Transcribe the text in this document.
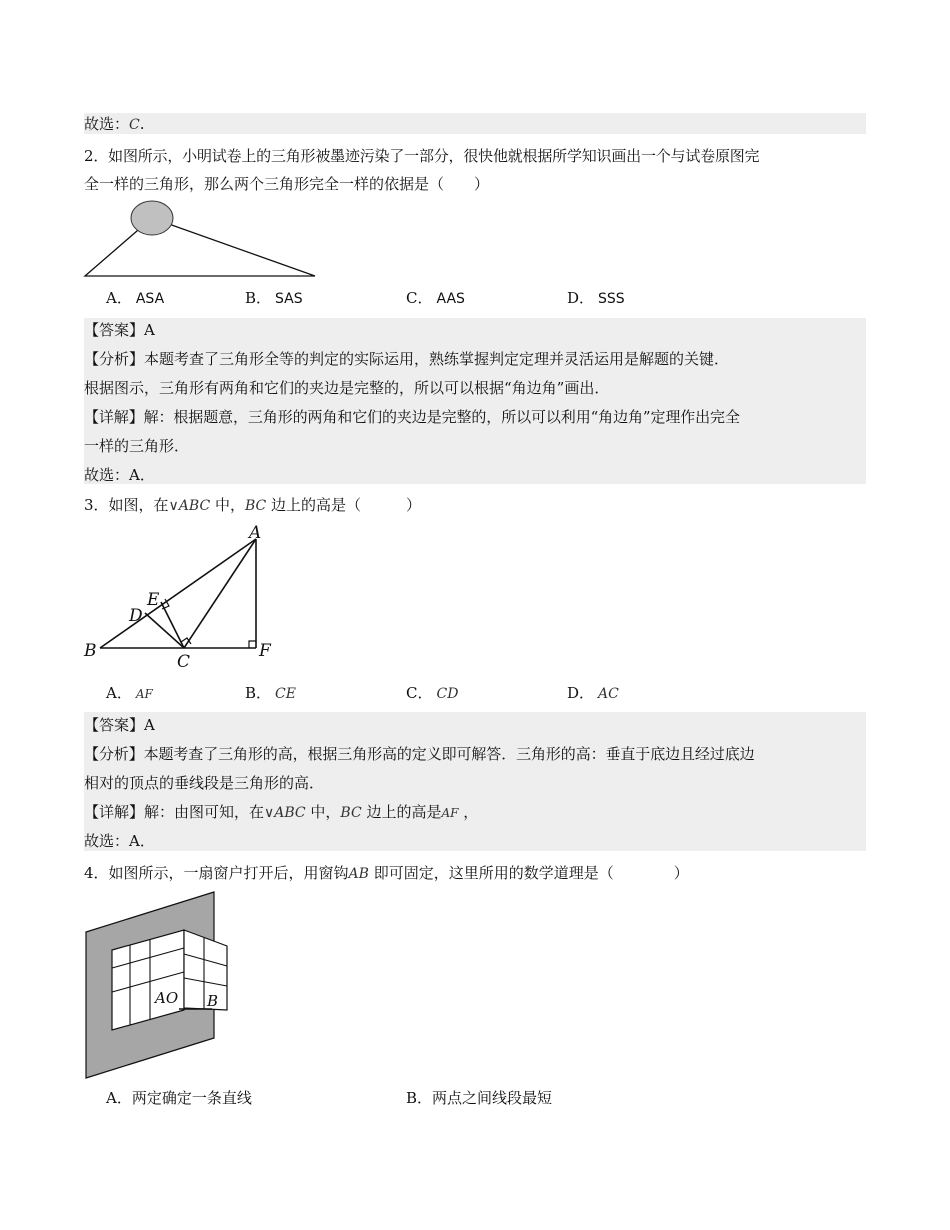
故选：C.
2．如图所示，小明试卷上的三角形被墨迹污染了一部分，很快他就根据所学知识画出一个与试卷原图完
全一样的三角形，那么两个三角形完全一样的依据是（　　）
A． ASA	B． SAS	C． AAS	D． SSS
【答案】A
【分析】本题考查了三角形全等的判定的实际运用，熟练掌握判定定理并灵活运用是解题的关键．
根据图示，三角形有两角和它们的夹边是完整的，所以可以根据“角边角”画出．
【详解】解：根据题意，三角形的两角和它们的夹边是完整的，所以可以利用“角边角”定理作出完全
一样的三角形．
故选：A．
3．如图，在∨ABC 中，BC 边上的高是（　　　）
A
B
C
D
E
F
A． AF	B． CE	C． CD	D． AC
【答案】A
【分析】本题考查了三角形的高，根据三角形高的定义即可解答．三角形的高：垂直于底边且经过底边
相对的顶点的垂线段是三角形的高．
【详解】解：由图可知，在∨ABC 中，BC 边上的高是AF ，
故选：A．
4．如图所示，一扇窗户打开后，用窗钩AB 即可固定，这里所用的数学道理是（　　　　）
AO B
A．两定确定一条直线	B．两点之间线段最短
